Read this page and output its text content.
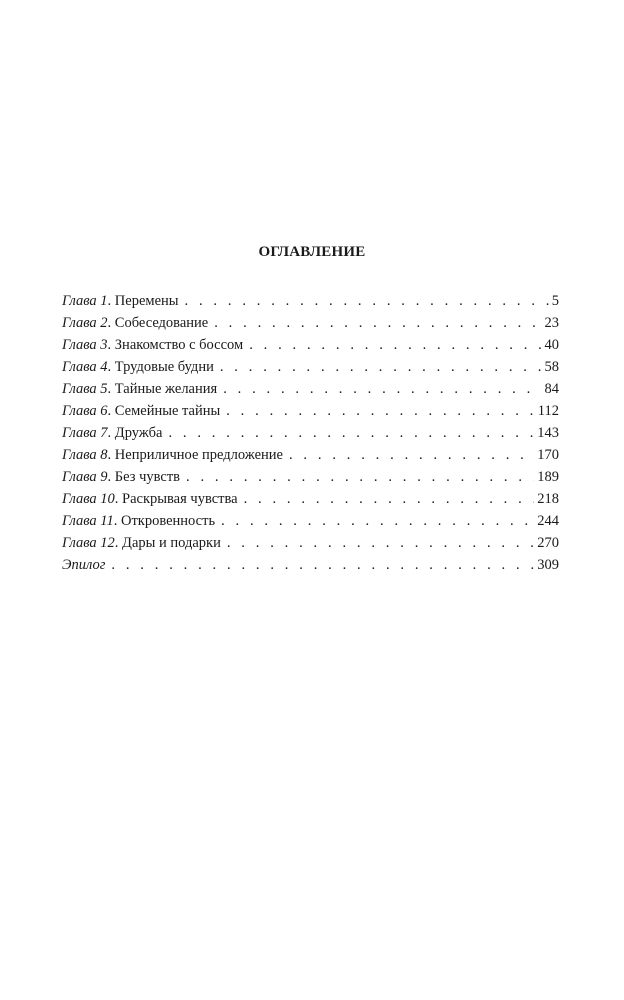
ОГЛАВЛЕНИЕ
Глава 1. Перемены . . .	5
Глава 2. Собеседование . . .	23
Глава 3. Знакомство с боссом . . .	40
Глава 4. Трудовые будни . . .	58
Глава 5. Тайные желания . . .	84
Глава 6. Семейные тайны . . .	112
Глава 7. Дружба . . .	143
Глава 8. Неприличное предложение . . .	170
Глава 9. Без чувств . . .	189
Глава 10. Раскрывая чувства . . .	218
Глава 11. Откровенность . . .	244
Глава 12. Дары и подарки . . .	270
Эпилог . . .	309
